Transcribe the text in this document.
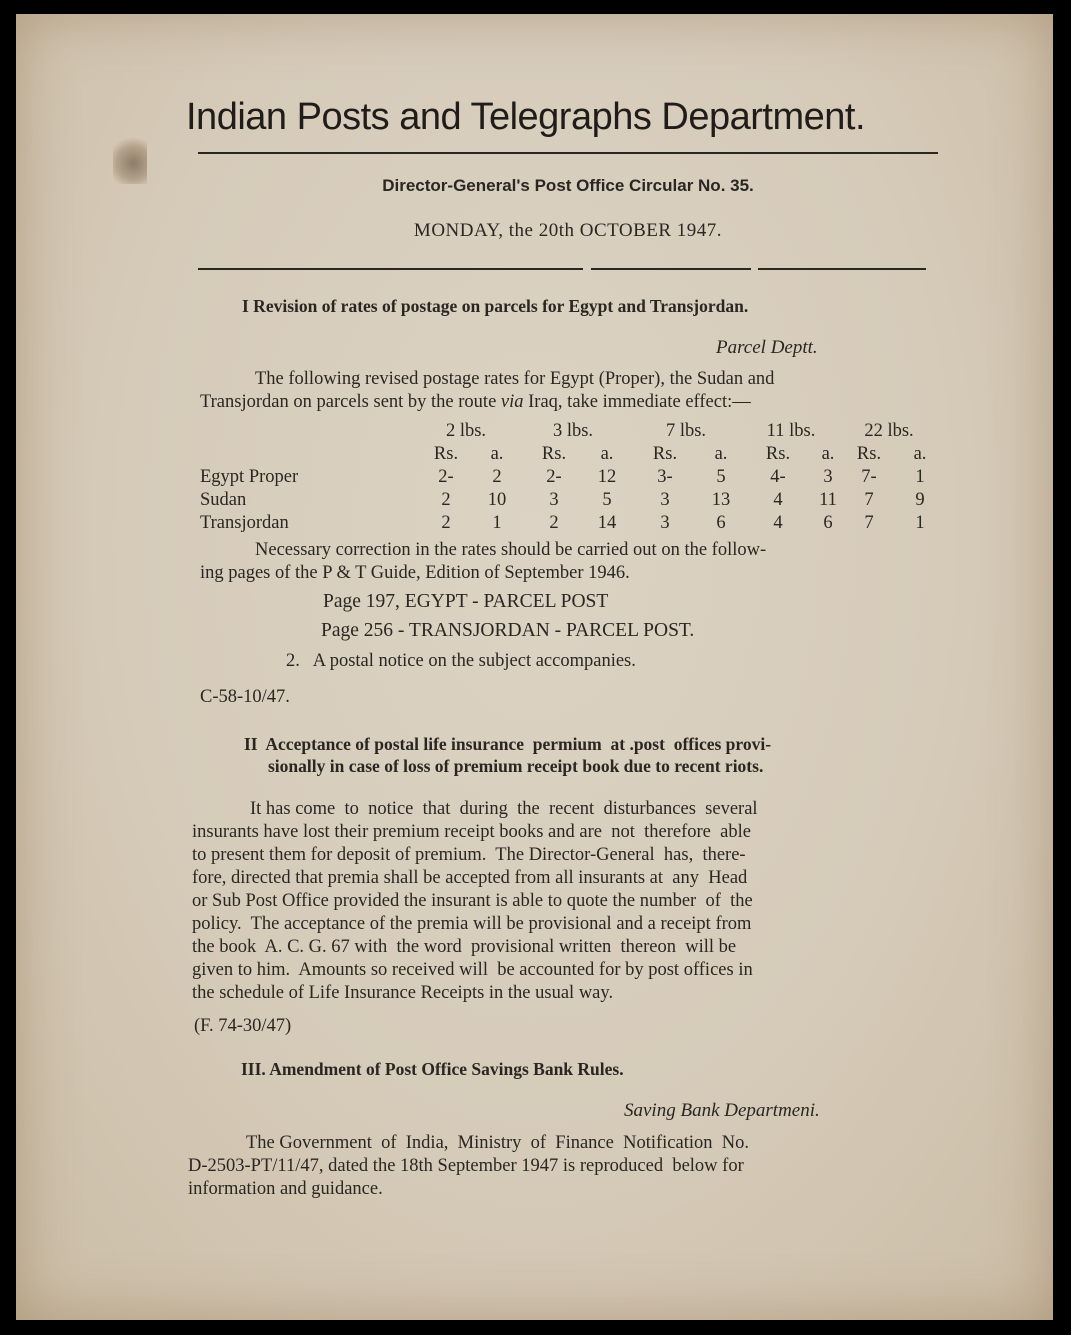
Indian Posts and Telegraphs Department.
Director-General's Post Office Circular No. 35.
MONDAY, the 20th OCTOBER 1947.
I Revision of rates of postage on parcels for Egypt and Transjordan.
Parcel Deptt.
The following revised postage rates for Egypt (Proper), the Sudan and
Transjordan on parcels sent by the route via Iraq, take immediate effect:—
2 lbs.	3 lbs.	7 lbs.	11 lbs.	22 lbs.
Rs.	a.	Rs.	a.	Rs.	a.	Rs.	a.	Rs.	a.
Egypt Proper	2-	2	2-	12	3-	5	4-	3	7-	1
Sudan	2	10	3	5	3	13	4	11	7	9
Transjordan	2	1	2	14	3	6	4	6	7	1
Necessary correction in the rates should be carried out on the follow-
ing pages of the P & T Guide, Edition of September 1946.
Page 197, EGYPT - PARCEL POST
Page 256 - TRANSJORDAN - PARCEL POST.
2.   A postal notice on the subject accompanies.
C-58-10/47.
II  Acceptance of postal life insurance  permium  at .post  offices provi-
sionally in case of loss of premium receipt book due to recent riots.
It has come  to  notice  that  during  the  recent  disturbances  several
insurants have lost their premium receipt books and are  not  therefore  able
to present them for deposit of premium.  The Director-General  has,  there-
fore, directed that premia shall be accepted from all insurants at  any  Head
or Sub Post Office provided the insurant is able to quote the number  of  the
policy.  The acceptance of the premia will be provisional and a receipt from
the book  A. C. G. 67 with  the word  provisional written  thereon  will be
given to him.  Amounts so received will  be accounted for by post offices in
the schedule of Life Insurance Receipts in the usual way.
(F. 74-30/47)
III. Amendment of Post Office Savings Bank Rules.
Saving Bank Departmeni.
The Government  of  India,  Ministry  of  Finance  Notification  No.
D-2503-PT/11/47, dated the 18th September 1947 is reproduced  below for
information and guidance.
